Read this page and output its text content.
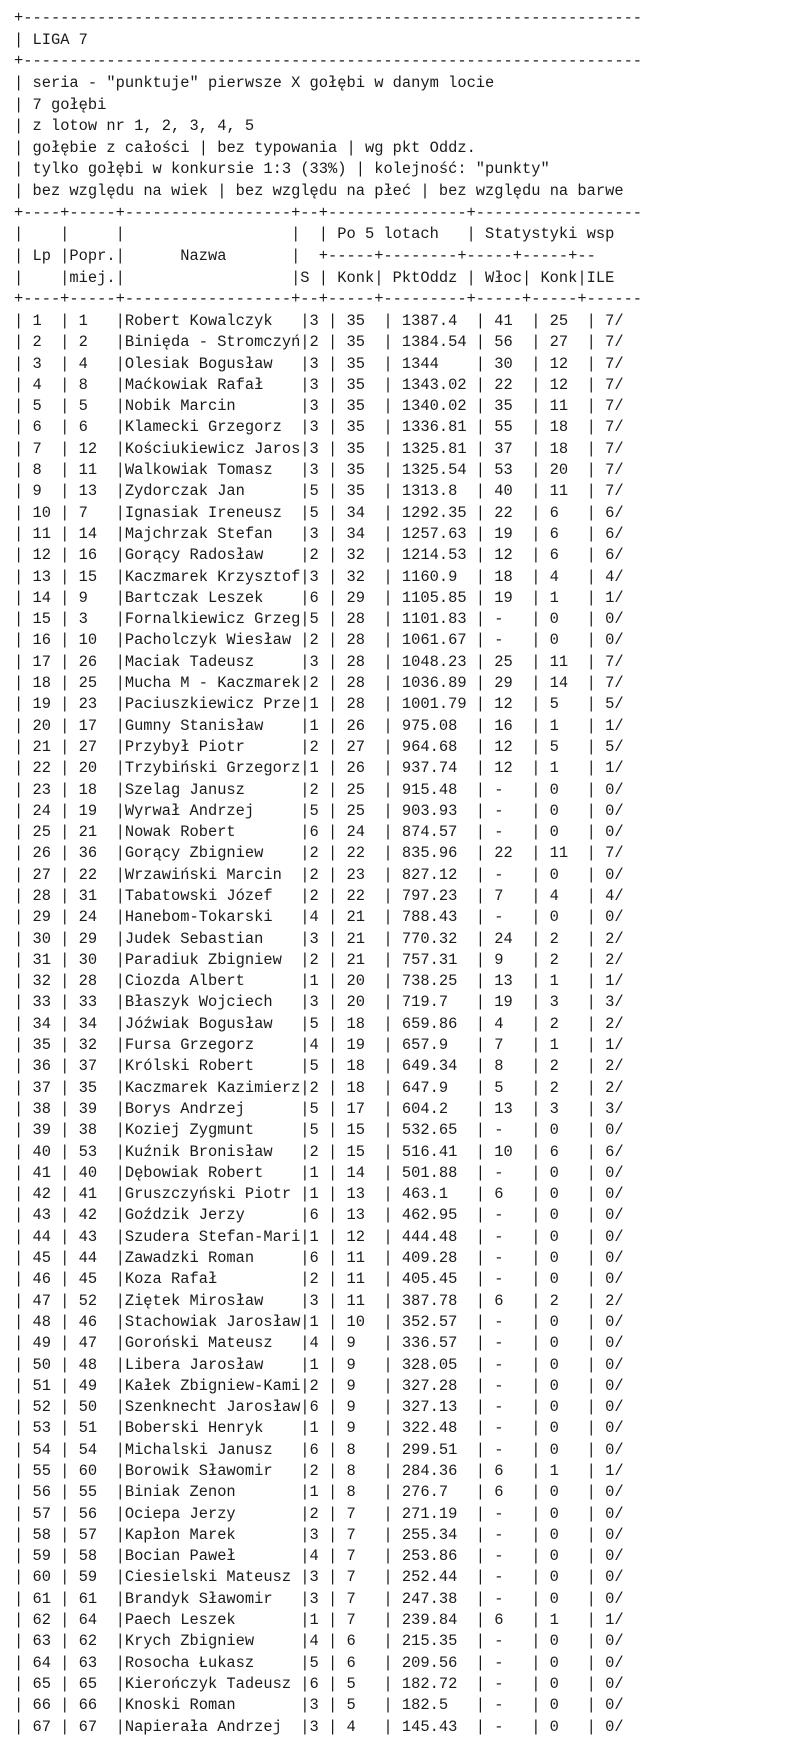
+-------------------------------------------------------------------
| LIGA 7
+-------------------------------------------------------------------
| seria - "punktuje" pierwsze X gołębi w danym locie
| 7 gołębi
| z lotow nr 1, 2, 3, 4, 5
| gołębie z całości | bez typowania | wg pkt Oddz.
| tylko gołębi w konkursie 1:3 (33%) | kolejność: "punkty"
| bez względu na wiek | bez względu na płeć | bez względu na barwe
+----+-----+------------------+--+---------------+------------------
|    |     |                  |  | Po 5 lotach   | Statystyki wsp
| Lp |Popr.|      Nazwa       |  +-----+--------+-----+-----+--
|    |miej.|                  |S | Konk| PktOddz | Włoc| Konk|ILE
+----+-----+------------------+--+-----+---------+-----+-----+------
| 1  | 1   |Robert Kowalczyk   |3 | 35  | 1387.4  | 41  | 25  | 7/
| 2  | 2   |Binięda - Stromczyń|2 | 35  | 1384.54 | 56  | 27  | 7/
| 3  | 4   |Olesiak Bogusław   |3 | 35  | 1344    | 30  | 12  | 7/
| 4  | 8   |Maćkowiak Rafał    |3 | 35  | 1343.02 | 22  | 12  | 7/
| 5  | 5   |Nobik Marcin       |3 | 35  | 1340.02 | 35  | 11  | 7/
| 6  | 6   |Klamecki Grzegorz  |3 | 35  | 1336.81 | 55  | 18  | 7/
| 7  | 12  |Kościukiewicz Jaros|3 | 35  | 1325.81 | 37  | 18  | 7/
| 8  | 11  |Walkowiak Tomasz   |3 | 35  | 1325.54 | 53  | 20  | 7/
| 9  | 13  |Zydorczak Jan      |5 | 35  | 1313.8  | 40  | 11  | 7/
| 10 | 7   |Ignasiak Ireneusz  |5 | 34  | 1292.35 | 22  | 6   | 6/
| 11 | 14  |Majchrzak Stefan   |3 | 34  | 1257.63 | 19  | 6   | 6/
| 12 | 16  |Gorący Radosław    |2 | 32  | 1214.53 | 12  | 6   | 6/
| 13 | 15  |Kaczmarek Krzysztof|3 | 32  | 1160.9  | 18  | 4   | 4/
| 14 | 9   |Bartczak Leszek    |6 | 29  | 1105.85 | 19  | 1   | 1/
| 15 | 3   |Fornalkiewicz Grzeg|5 | 28  | 1101.83 | -   | 0   | 0/
| 16 | 10  |Pacholczyk Wiesław |2 | 28  | 1061.67 | -   | 0   | 0/
| 17 | 26  |Maciak Tadeusz     |3 | 28  | 1048.23 | 25  | 11  | 7/
| 18 | 25  |Mucha M - Kaczmarek|2 | 28  | 1036.89 | 29  | 14  | 7/
| 19 | 23  |Paciuszkiewicz Prze|1 | 28  | 1001.79 | 12  | 5   | 5/
| 20 | 17  |Gumny Stanisław    |1 | 26  | 975.08  | 16  | 1   | 1/
| 21 | 27  |Przybył Piotr      |2 | 27  | 964.68  | 12  | 5   | 5/
| 22 | 20  |Trzybiński Grzegorz|1 | 26  | 937.74  | 12  | 1   | 1/
| 23 | 18  |Szelag Janusz      |2 | 25  | 915.48  | -   | 0   | 0/
| 24 | 19  |Wyrwał Andrzej     |5 | 25  | 903.93  | -   | 0   | 0/
| 25 | 21  |Nowak Robert       |6 | 24  | 874.57  | -   | 0   | 0/
| 26 | 36  |Gorący Zbigniew    |2 | 22  | 835.96  | 22  | 11  | 7/
| 27 | 22  |Wrzawiński Marcin  |2 | 23  | 827.12  | -   | 0   | 0/
| 28 | 31  |Tabatowski Józef   |2 | 22  | 797.23  | 7   | 4   | 4/
| 29 | 24  |Hanebom-Tokarski   |4 | 21  | 788.43  | -   | 0   | 0/
| 30 | 29  |Judek Sebastian    |3 | 21  | 770.32  | 24  | 2   | 2/
| 31 | 30  |Paradiuk Zbigniew  |2 | 21  | 757.31  | 9   | 2   | 2/
| 32 | 28  |Ciozda Albert      |1 | 20  | 738.25  | 13  | 1   | 1/
| 33 | 33  |Błaszyk Wojciech   |3 | 20  | 719.7   | 19  | 3   | 3/
| 34 | 34  |Jóźwiak Bogusław   |5 | 18  | 659.86  | 4   | 2   | 2/
| 35 | 32  |Fursa Grzegorz     |4 | 19  | 657.9   | 7   | 1   | 1/
| 36 | 37  |Królski Robert     |5 | 18  | 649.34  | 8   | 2   | 2/
| 37 | 35  |Kaczmarek Kazimierz|2 | 18  | 647.9   | 5   | 2   | 2/
| 38 | 39  |Borys Andrzej      |5 | 17  | 604.2   | 13  | 3   | 3/
| 39 | 38  |Koziej Zygmunt     |5 | 15  | 532.65  | -   | 0   | 0/
| 40 | 53  |Kuźnik Bronisław   |2 | 15  | 516.41  | 10  | 6   | 6/
| 41 | 40  |Dębowiak Robert    |1 | 14  | 501.88  | -   | 0   | 0/
| 42 | 41  |Gruszczyński Piotr |1 | 13  | 463.1   | 6   | 0   | 0/
| 43 | 42  |Goździk Jerzy      |6 | 13  | 462.95  | -   | 0   | 0/
| 44 | 43  |Szudera Stefan-Mari|1 | 12  | 444.48  | -   | 0   | 0/
| 45 | 44  |Zawadzki Roman     |6 | 11  | 409.28  | -   | 0   | 0/
| 46 | 45  |Koza Rafał         |2 | 11  | 405.45  | -   | 0   | 0/
| 47 | 52  |Ziętek Mirosław    |3 | 11  | 387.78  | 6   | 2   | 2/
| 48 | 46  |Stachowiak Jarosław|1 | 10  | 352.57  | -   | 0   | 0/
| 49 | 47  |Goroński Mateusz   |4 | 9   | 336.57  | -   | 0   | 0/
| 50 | 48  |Libera Jarosław    |1 | 9   | 328.05  | -   | 0   | 0/
| 51 | 49  |Kałek Zbigniew-Kami|2 | 9   | 327.28  | -   | 0   | 0/
| 52 | 50  |Szenknecht Jarosław|6 | 9   | 327.13  | -   | 0   | 0/
| 53 | 51  |Boberski Henryk    |1 | 9   | 322.48  | -   | 0   | 0/
| 54 | 54  |Michalski Janusz   |6 | 8   | 299.51  | -   | 0   | 0/
| 55 | 60  |Borowik Sławomir   |2 | 8   | 284.36  | 6   | 1   | 1/
| 56 | 55  |Biniak Zenon       |1 | 8   | 276.7   | 6   | 0   | 0/
| 57 | 56  |Ociepa Jerzy       |2 | 7   | 271.19  | -   | 0   | 0/
| 58 | 57  |Kapłon Marek       |3 | 7   | 255.34  | -   | 0   | 0/
| 59 | 58  |Bocian Paweł       |4 | 7   | 253.86  | -   | 0   | 0/
| 60 | 59  |Ciesielski Mateusz |3 | 7   | 252.44  | -   | 0   | 0/
| 61 | 61  |Brandyk Sławomir   |3 | 7   | 247.38  | -   | 0   | 0/
| 62 | 64  |Paech Leszek       |1 | 7   | 239.84  | 6   | 1   | 1/
| 63 | 62  |Krych Zbigniew     |4 | 6   | 215.35  | -   | 0   | 0/
| 64 | 63  |Rosocha Łukasz     |5 | 6   | 209.56  | -   | 0   | 0/
| 65 | 65  |Kierończyk Tadeusz |6 | 5   | 182.72  | -   | 0   | 0/
| 66 | 66  |Knoski Roman       |3 | 5   | 182.5   | -   | 0   | 0/
| 67 | 67  |Napierała Andrzej  |3 | 4   | 145.43  | -   | 0   | 0/
